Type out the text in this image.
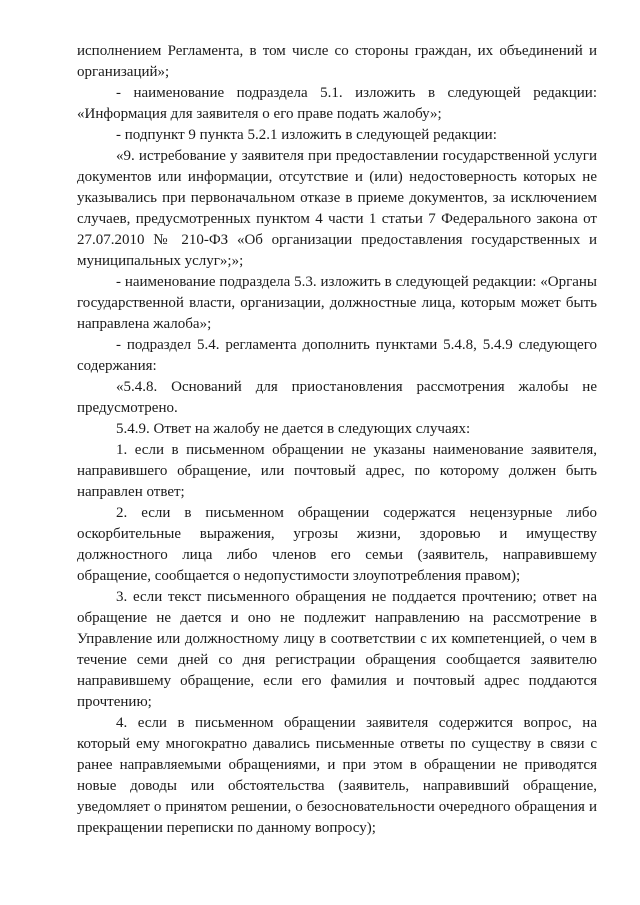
исполнением Регламента, в том числе со стороны граждан, их объединений и организаций»;

- наименование подраздела 5.1. изложить в следующей редакции: «Информация для заявителя о его праве подать жалобу»;

- подпункт 9 пункта 5.2.1 изложить в следующей редакции:

«9. истребование у заявителя при предоставлении государственной услуги документов или информации, отсутствие и (или) недостоверность которых не указывались при первоначальном отказе в приеме документов, за исключением случаев, предусмотренных пунктом 4 части 1 статьи 7 Федерального закона от 27.07.2010 № 210-ФЗ «Об организации предоставления государственных и муниципальных услуг»;»;

- наименование подраздела 5.3. изложить в следующей редакции: «Органы государственной власти, организации, должностные лица, которым может быть направлена жалоба»;

- подраздел 5.4. регламента дополнить пунктами 5.4.8, 5.4.9 следующего содержания:

«5.4.8. Оснований для приостановления рассмотрения жалобы не предусмотрено.

5.4.9. Ответ на жалобу не дается в следующих случаях:

1. если в письменном обращении не указаны наименование заявителя, направившего обращение, или почтовый адрес, по которому должен быть направлен ответ;

2. если в письменном обращении содержатся нецензурные либо оскорбительные выражения, угрозы жизни, здоровью и имуществу должностного лица либо членов его семьи (заявитель, направившему обращение, сообщается о недопустимости злоупотребления правом);

3. если текст письменного обращения не поддается прочтению; ответ на обращение не дается и оно не подлежит направлению на рассмотрение в Управление или должностному лицу в соответствии с их компетенцией, о чем в течение семи дней со дня регистрации обращения сообщается заявителю направившему обращение, если его фамилия и почтовый адрес поддаются прочтению;

4. если в письменном обращении заявителя содержится вопрос, на который ему многократно давались письменные ответы по существу в связи с ранее направляемыми обращениями, и при этом в обращении не приводятся новые доводы или обстоятельства (заявитель, направивший обращение, уведомляет о принятом решении, о безосновательности очередного обращения и прекращении переписки по данному вопросу);
